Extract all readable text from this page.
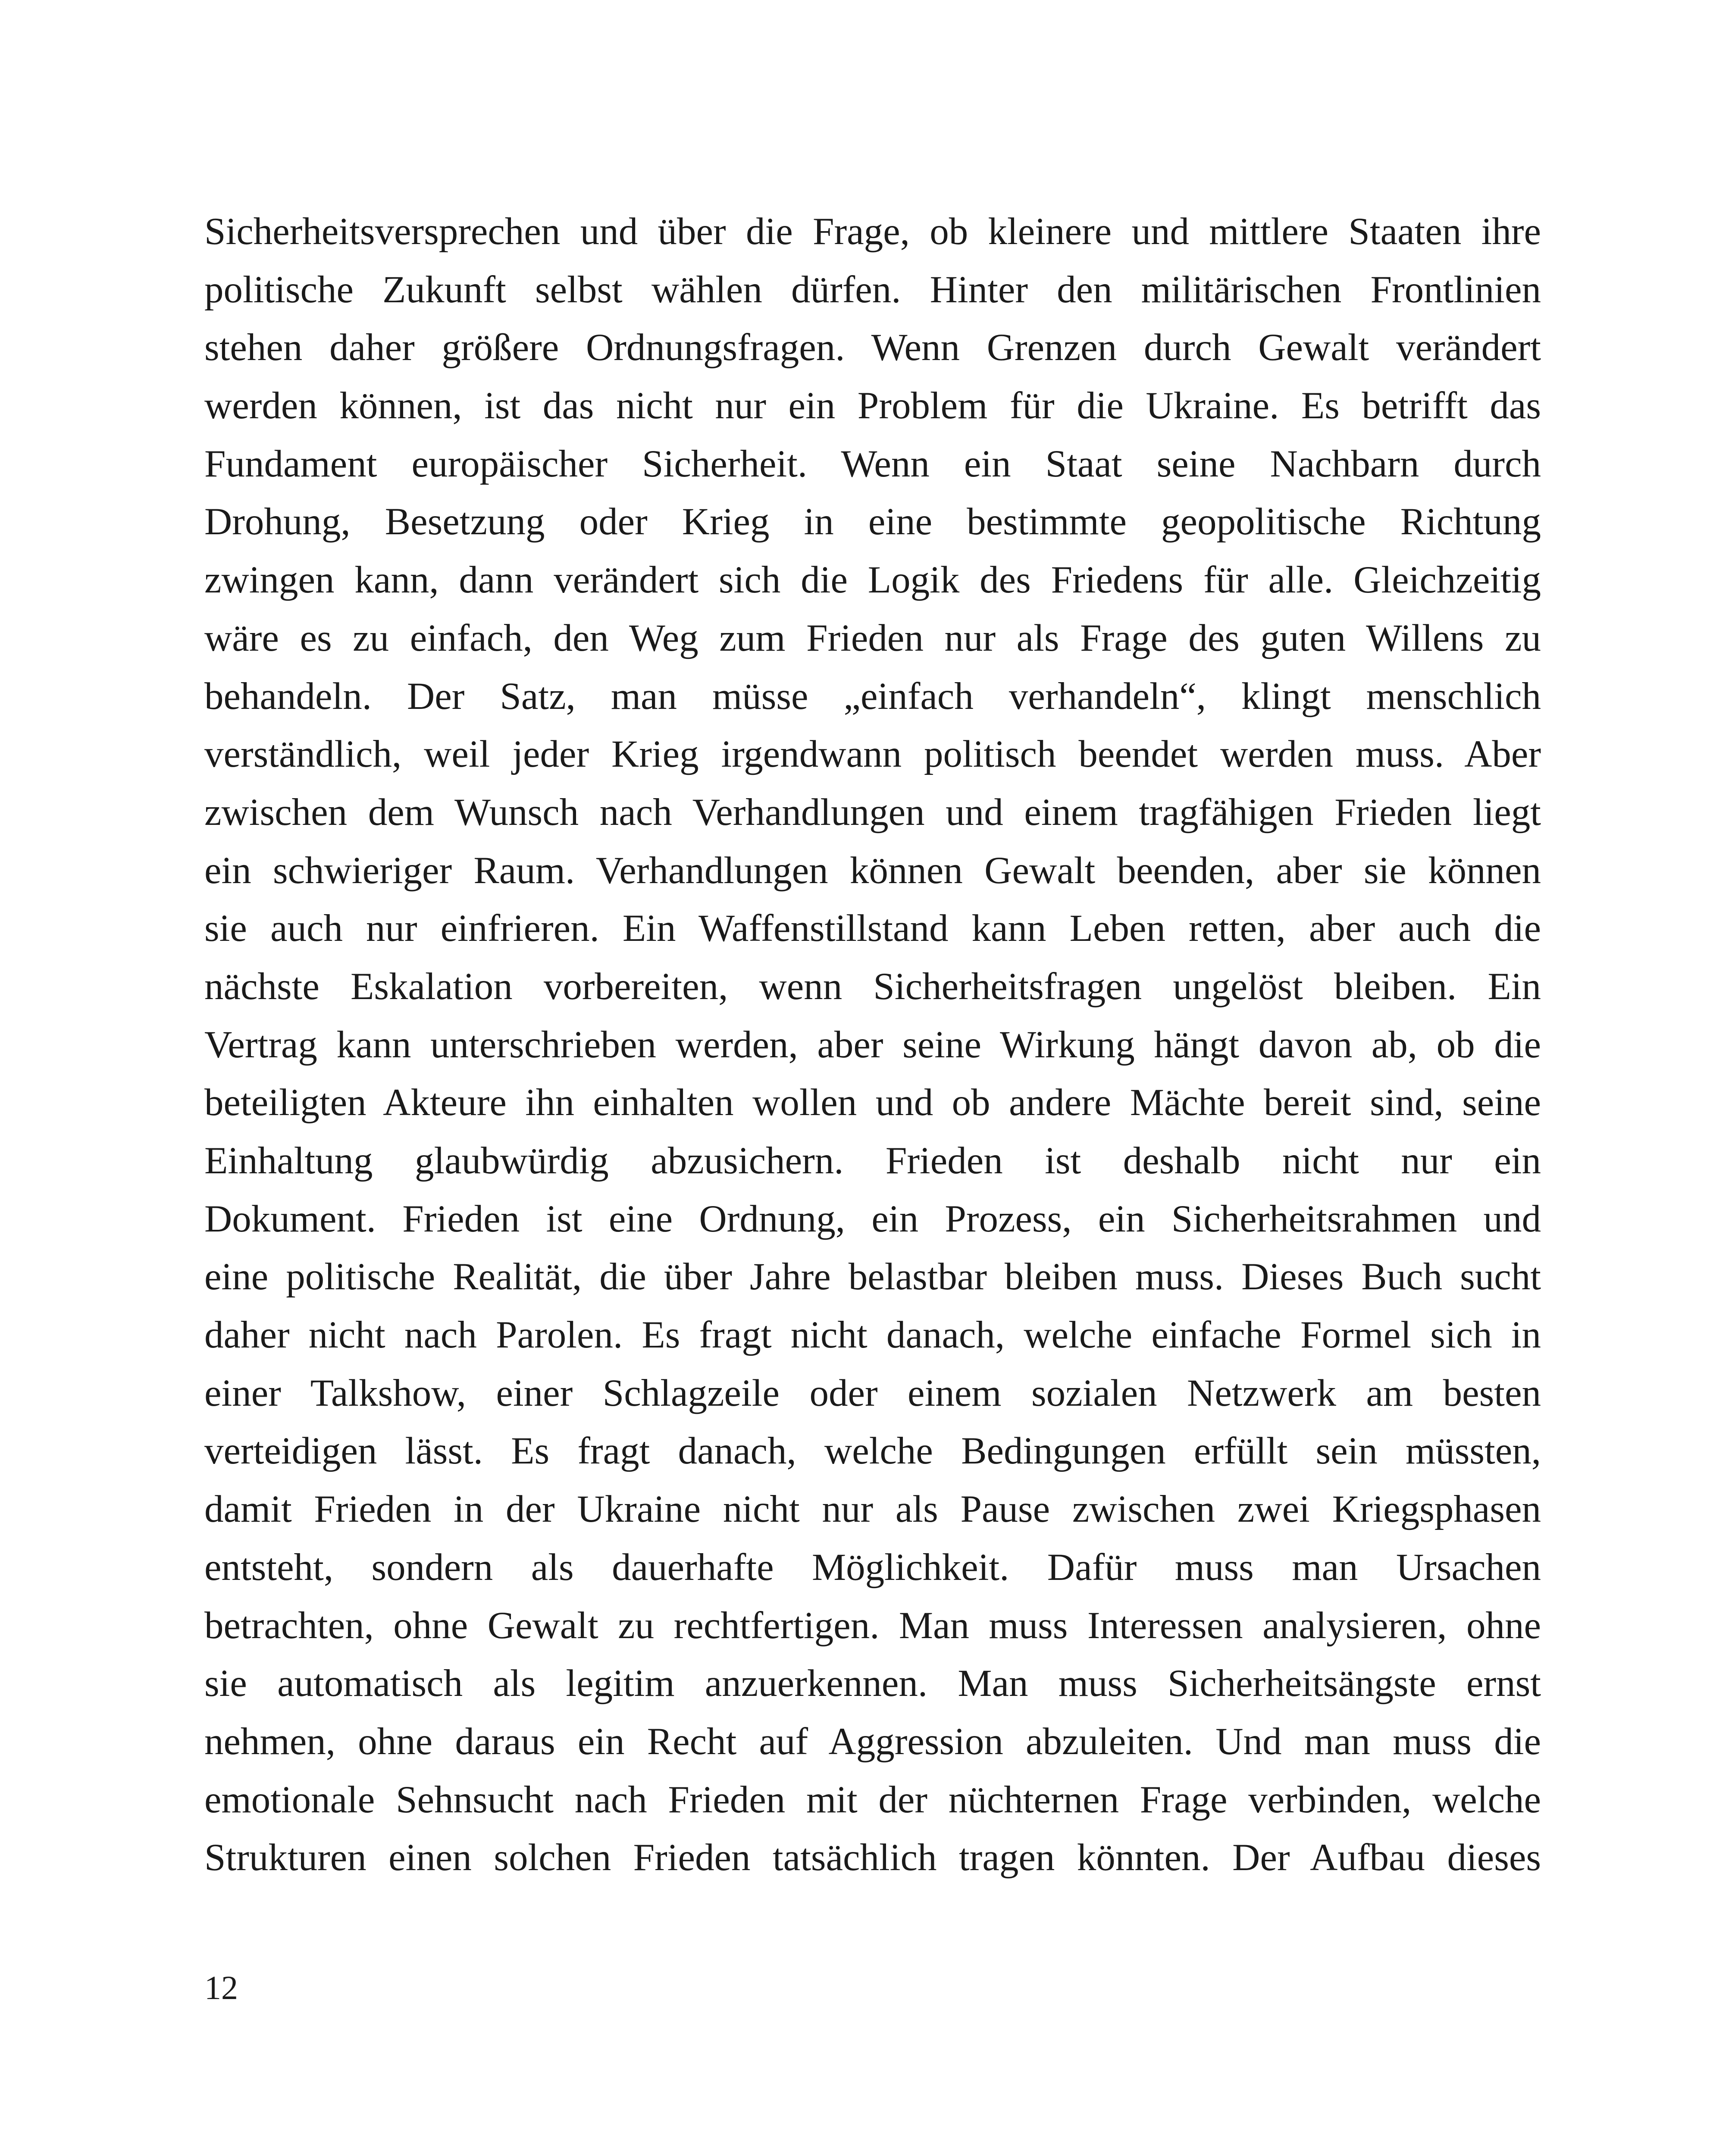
Sicherheitsversprechen und über die Frage, ob kleinere und mittlere Staaten ihre
politische Zukunft selbst wählen dürfen. Hinter den militärischen Frontlinien
stehen daher größere Ordnungsfragen. Wenn Grenzen durch Gewalt verändert
werden können, ist das nicht nur ein Problem für die Ukraine. Es betrifft das
Fundament europäischer Sicherheit. Wenn ein Staat seine Nachbarn durch
Drohung, Besetzung oder Krieg in eine bestimmte geopolitische Richtung
zwingen kann, dann verändert sich die Logik des Friedens für alle. Gleichzeitig
wäre es zu einfach, den Weg zum Frieden nur als Frage des guten Willens zu
behandeln. Der Satz, man müsse „einfach verhandeln“, klingt menschlich
verständlich, weil jeder Krieg irgendwann politisch beendet werden muss. Aber
zwischen dem Wunsch nach Verhandlungen und einem tragfähigen Frieden liegt
ein schwieriger Raum. Verhandlungen können Gewalt beenden, aber sie können
sie auch nur einfrieren. Ein Waffenstillstand kann Leben retten, aber auch die
nächste Eskalation vorbereiten, wenn Sicherheitsfragen ungelöst bleiben. Ein
Vertrag kann unterschrieben werden, aber seine Wirkung hängt davon ab, ob die
beteiligten Akteure ihn einhalten wollen und ob andere Mächte bereit sind, seine
Einhaltung glaubwürdig abzusichern. Frieden ist deshalb nicht nur ein
Dokument. Frieden ist eine Ordnung, ein Prozess, ein Sicherheitsrahmen und
eine politische Realität, die über Jahre belastbar bleiben muss. Dieses Buch sucht
daher nicht nach Parolen. Es fragt nicht danach, welche einfache Formel sich in
einer Talkshow, einer Schlagzeile oder einem sozialen Netzwerk am besten
verteidigen lässt. Es fragt danach, welche Bedingungen erfüllt sein müssten,
damit Frieden in der Ukraine nicht nur als Pause zwischen zwei Kriegsphasen
entsteht, sondern als dauerhafte Möglichkeit. Dafür muss man Ursachen
betrachten, ohne Gewalt zu rechtfertigen. Man muss Interessen analysieren, ohne
sie automatisch als legitim anzuerkennen. Man muss Sicherheitsängste ernst
nehmen, ohne daraus ein Recht auf Aggression abzuleiten. Und man muss die
emotionale Sehnsucht nach Frieden mit der nüchternen Frage verbinden, welche
Strukturen einen solchen Frieden tatsächlich tragen könnten. Der Aufbau dieses
12
